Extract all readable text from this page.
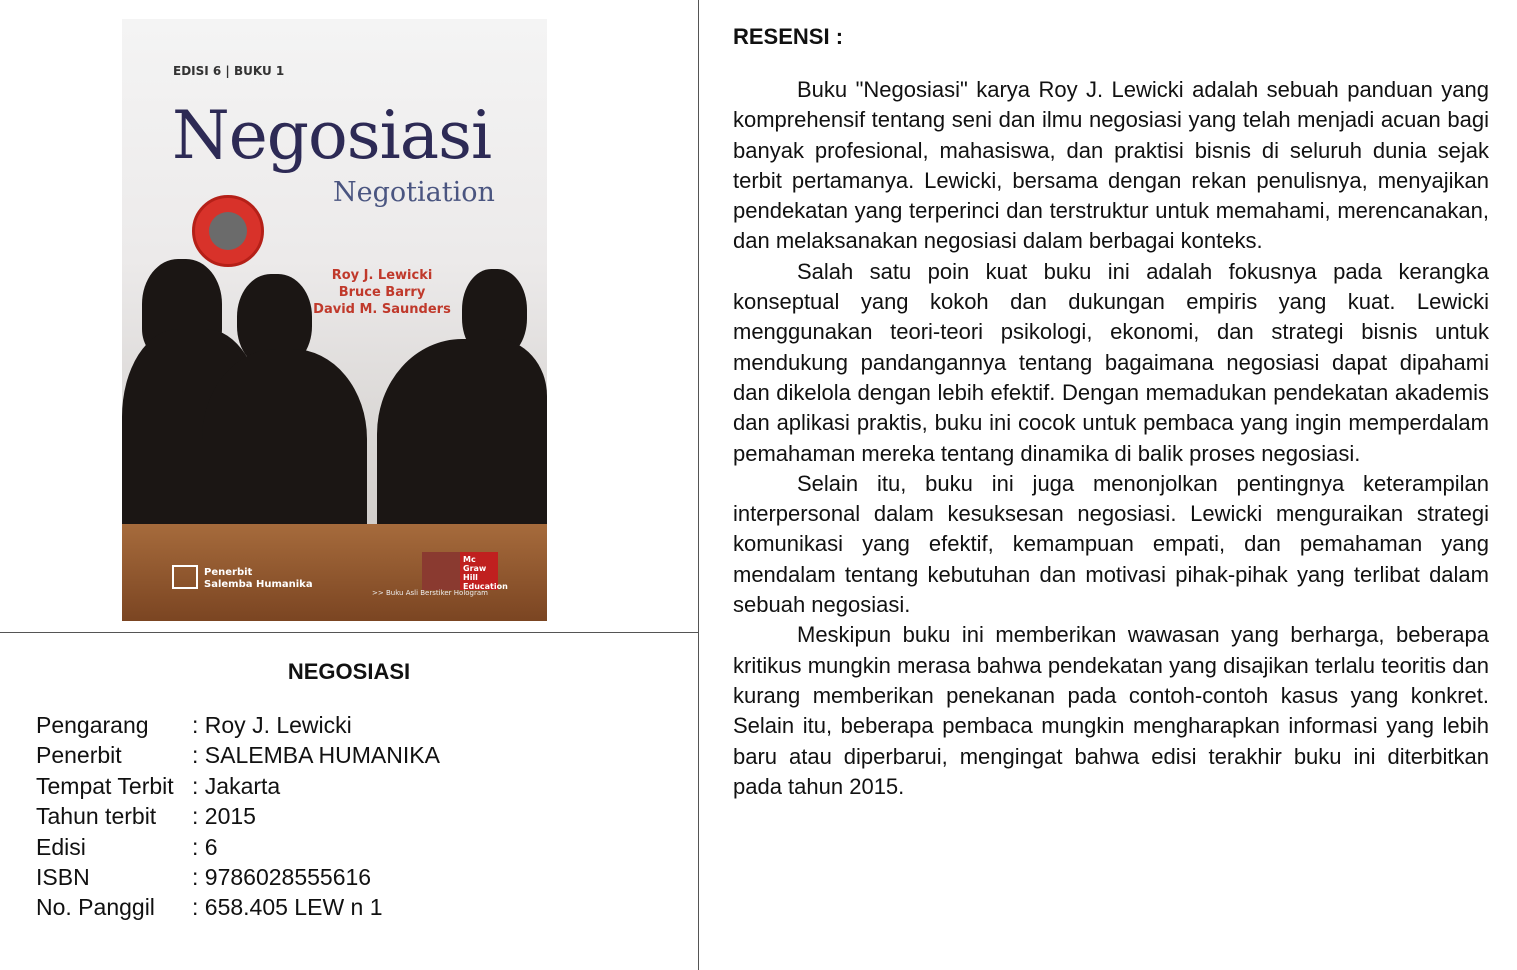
EDISI 6 | BUKU 1
Negosiasi
Negotiation
Roy J. Lewicki
Bruce Barry
David M. Saunders
Penerbit
Salemba Humanika
Mc Graw Hill Education
>> Buku Asli Berstiker Hologram
NEGOSIASI
Pengarang	: Roy J. Lewicki
Penerbit	: SALEMBA HUMANIKA
Tempat Terbit : Jakarta
Tahun terbit	: 2015
Edisi	: 6
ISBN	: 9786028555616
No. Panggil	: 658.405 LEW n 1
RESENSI :

Buku "Negosiasi" karya Roy J. Lewicki adalah sebuah panduan yang komprehensif tentang seni dan ilmu negosiasi yang telah menjadi acuan bagi banyak profesional, mahasiswa, dan praktisi bisnis di seluruh dunia sejak terbit pertamanya. Lewicki, bersama dengan rekan penulisnya, menyajikan pendekatan yang terperinci dan terstruktur untuk memahami, merencanakan, dan melaksanakan negosiasi dalam berbagai konteks.

Salah satu poin kuat buku ini adalah fokusnya pada kerangka konseptual yang kokoh dan dukungan empiris yang kuat. Lewicki menggunakan teori-teori psikologi, ekonomi, dan strategi bisnis untuk mendukung pandangannya tentang bagaimana negosiasi dapat dipahami dan dikelola dengan lebih efektif. Dengan memadukan pendekatan akademis dan aplikasi praktis, buku ini cocok untuk pembaca yang ingin memperdalam pemahaman mereka tentang dinamika di balik proses negosiasi.

Selain itu, buku ini juga menonjolkan pentingnya keterampilan interpersonal dalam kesuksesan negosiasi. Lewicki menguraikan strategi komunikasi yang efektif, kemampuan empati, dan pemahaman yang mendalam tentang kebutuhan dan motivasi pihak-pihak yang terlibat dalam sebuah negosiasi.

Meskipun buku ini memberikan wawasan yang berharga, beberapa kritikus mungkin merasa bahwa pendekatan yang disajikan terlalu teoritis dan kurang memberikan penekanan pada contoh-contoh kasus yang konkret. Selain itu, beberapa pembaca mungkin mengharapkan informasi yang lebih baru atau diperbarui, mengingat bahwa edisi terakhir buku ini diterbitkan pada tahun 2015.
